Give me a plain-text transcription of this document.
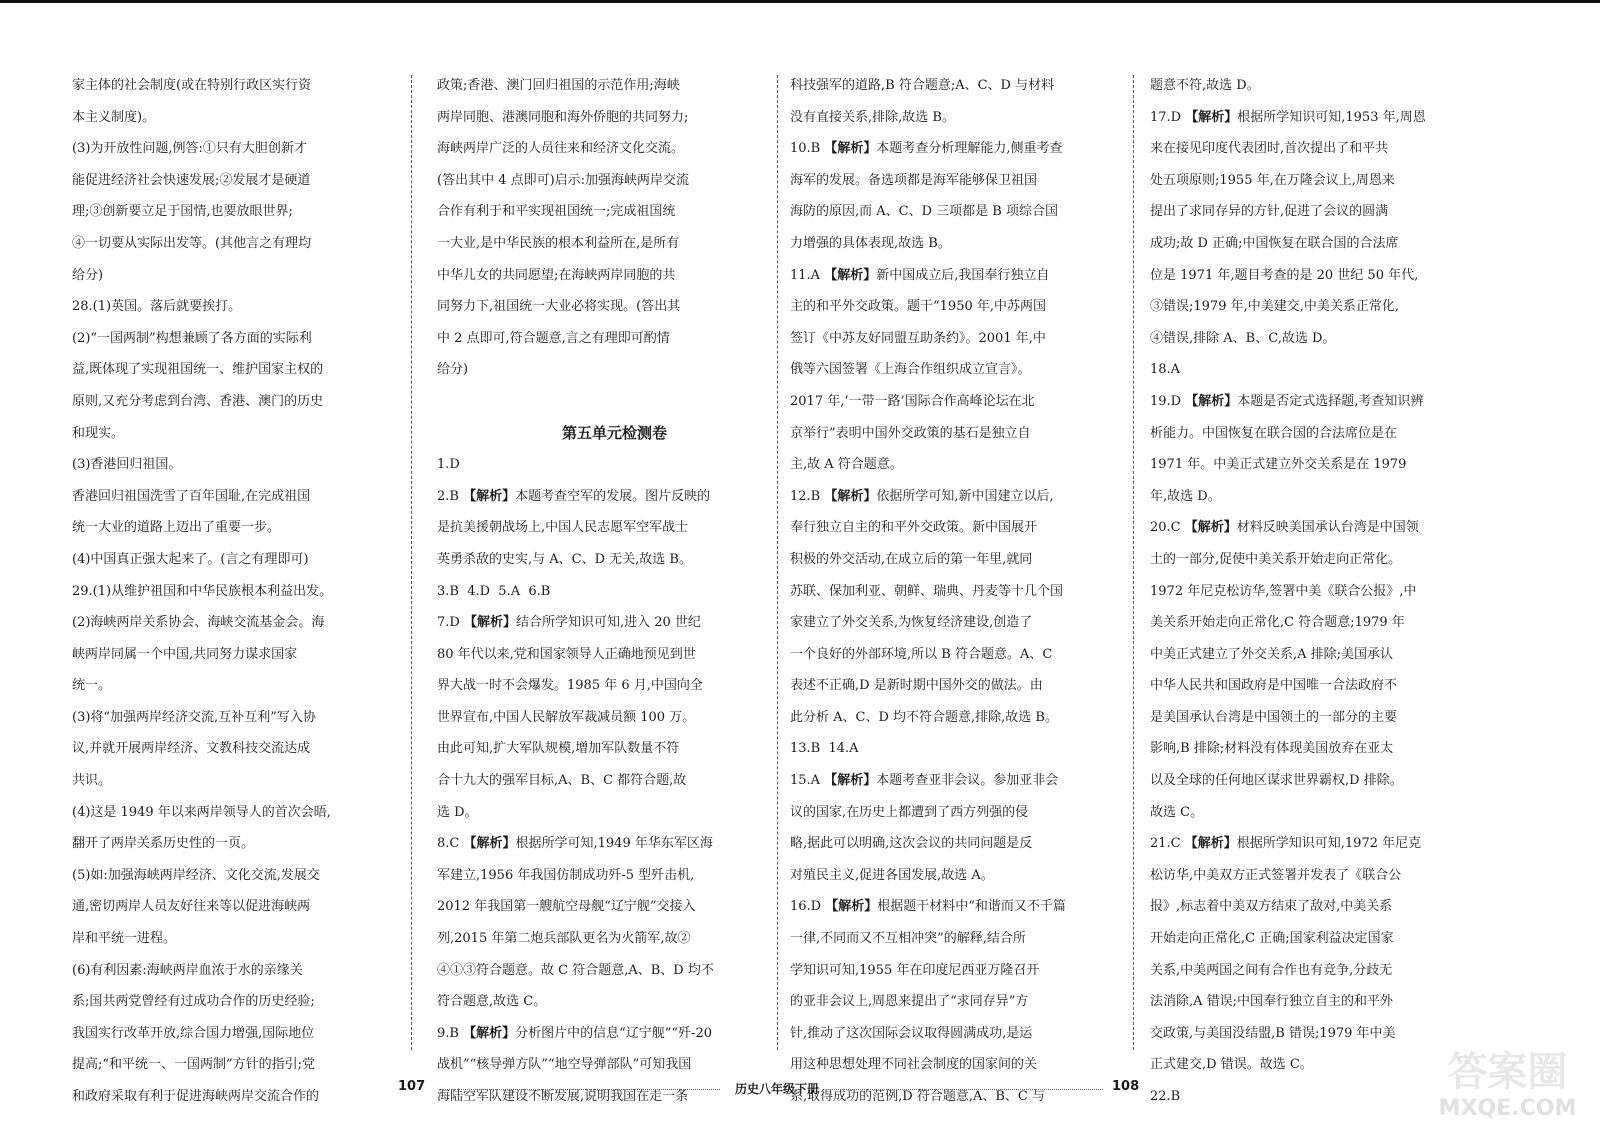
家主体的社会制度(或在特别行政区实行资
本主义制度)。
(3)为开放性问题,例答:①只有大胆创新才
能促进经济社会快速发展;②发展才是硬道
理;③创新要立足于国情,也要放眼世界;
④一切要从实际出发等。(其他言之有理均
给分)
28.(1)英国。落后就要挨打。
(2)“一国两制”构想兼顾了各方面的实际利
益,既体现了实现祖国统一、维护国家主权的
原则,又充分考虑到台湾、香港、澳门的历史
和现实。
(3)香港回归祖国。
香港回归祖国洗雪了百年国耻,在完成祖国
统一大业的道路上迈出了重要一步。
(4)中国真正强大起来了。(言之有理即可)
29.(1)从维护祖国和中华民族根本利益出发。
(2)海峡两岸关系协会、海峡交流基金会。海
峡两岸同属一个中国,共同努力谋求国家
统一。
(3)将“加强两岸经济交流,互补互利”写入协
议,并就开展两岸经济、文教科技交流达成
共识。
(4)这是 1949 年以来两岸领导人的首次会晤,
翻开了两岸关系历史性的一页。
(5)如:加强海峡两岸经济、文化交流,发展交
通,密切两岸人员友好往来等以促进海峡两
岸和平统一进程。
(6)有利因素:海峡两岸血浓于水的亲缘关
系;国共两党曾经有过成功合作的历史经验;
我国实行改革开放,综合国力增强,国际地位
提高;“和平统一、一国两制”方针的指引;党
和政府采取有利于促进海峡两岸交流合作的
政策;香港、澳门回归祖国的示范作用;海峡
两岸同胞、港澳同胞和海外侨胞的共同努力;
海峡两岸广泛的人员往来和经济文化交流。
(答出其中 4 点即可)启示:加强海峡两岸交流
合作有利于和平实现祖国统一;完成祖国统
一大业,是中华民族的根本利益所在,是所有
中华儿女的共同愿望;在海峡两岸同胞的共
同努力下,祖国统一大业必将实现。(答出其
中 2 点即可,符合题意,言之有理即可酌情
给分)
第五单元检测卷
1.D
2.B 【解析】本题考查空军的发展。图片反映的
是抗美援朝战场上,中国人民志愿军空军战士
英勇杀敌的史实,与 A、C、D 无关,故选 B。
3.B  4.D  5.A  6.B
7.D 【解析】结合所学知识可知,进入 20 世纪
80 年代以来,党和国家领导人正确地预见到世
界大战一时不会爆发。1985 年 6 月,中国向全
世界宣布,中国人民解放军裁减员额 100 万。
由此可知,扩大军队规模,增加军队数量不符
合十九大的强军目标,A、B、C 都符合题,故
选 D。
8.C 【解析】根据所学可知,1949 年华东军区海
军建立,1956 年我国仿制成功歼-5 型歼击机,
2012 年我国第一艘航空母舰“辽宁舰”交接入
列,2015 年第二炮兵部队更名为火箭军,故②
④①③符合题意。故 C 符合题意,A、B、D 均不
符合题意,故选 C。
9.B 【解析】分析图片中的信息“辽宁舰”“歼-20
战机”“核导弹方队”“地空导弹部队”可知我国
海陆空军队建设不断发展,说明我国在走一条
科技强军的道路,B 符合题意;A、C、D 与材料
没有直接关系,排除,故选 B。
10.B 【解析】本题考查分析理解能力,侧重考查
海军的发展。备选项都是海军能够保卫祖国
海防的原因,而 A、C、D 三项都是 B 项综合国
力增强的具体表现,故选 B。
11.A 【解析】新中国成立后,我国奉行独立自
主的和平外交政策。题干“1950 年,中苏两国
签订《中苏友好同盟互助条约》。2001 年,中
俄等六国签署《上海合作组织成立宣言》。
2017 年,‘一带一路’国际合作高峰论坛在北
京举行”表明中国外交政策的基石是独立自
主,故 A 符合题意。
12.B 【解析】依据所学可知,新中国建立以后,
奉行独立自主的和平外交政策。新中国展开
积极的外交活动,在成立后的第一年里,就同
苏联、保加利亚、朝鲜、瑞典、丹麦等十几个国
家建立了外交关系,为恢复经济建设,创造了
一个良好的外部环境,所以 B 符合题意。A、C
表述不正确,D 是新时期中国外交的做法。由
此分析 A、C、D 均不符合题意,排除,故选 B。
13.B  14.A
15.A 【解析】本题考查亚非会议。参加亚非会
议的国家,在历史上都遭到了西方列强的侵
略,据此可以明确,这次会议的共同问题是反
对殖民主义,促进各国发展,故选 A。
16.D 【解析】根据题干材料中“和谐而又不千篇
一律,不同而又不互相冲突”的解释,结合所
学知识可知,1955 年在印度尼西亚万隆召开
的亚非会议上,周恩来提出了“求同存异”方
针,推动了这次国际会议取得圆满成功,是运
用这种思想处理不同社会制度的国家间的关
系,取得成功的范例,D 符合题意,A、B、C 与
题意不符,故选 D。
17.D 【解析】根据所学知识可知,1953 年,周恩
来在接见印度代表团时,首次提出了和平共
处五项原则;1955 年,在万隆会议上,周恩来
提出了求同存异的方针,促进了会议的圆满
成功;故 D 正确;中国恢复在联合国的合法席
位是 1971 年,题目考查的是 20 世纪 50 年代,
③错误;1979 年,中美建交,中美关系正常化,
④错误,排除 A、B、C,故选 D。
18.A
19.D 【解析】本题是否定式选择题,考查知识辨
析能力。中国恢复在联合国的合法席位是在
1971 年。中美正式建立外交关系是在 1979
年,故选 D。
20.C 【解析】材料反映美国承认台湾是中国领
土的一部分,促使中美关系开始走向正常化。
1972 年尼克松访华,签署中美《联合公报》,中
美关系开始走向正常化,C 符合题意;1979 年
中美正式建立了外交关系,A 排除;美国承认
中华人民共和国政府是中国唯一合法政府不
是美国承认台湾是中国领土的一部分的主要
影响,B 排除;材料没有体现美国放弃在亚太
以及全球的任何地区谋求世界霸权,D 排除。
故选 C。
21.C 【解析】根据所学知识可知,1972 年尼克
松访华,中美双方正式签署并发表了《联合公
报》,标志着中美双方结束了敌对,中美关系
开始走向正常化,C 正确;国家利益决定国家
关系,中美两国之间有合作也有竞争,分歧无
法消除,A 错误;中国奉行独立自主的和平外
交政策,与美国没结盟,B 错误;1979 年中美
正式建交,D 错误。故选 C。
22.B
107	历史八年级下册	108	答案圈
MXQE.COM
